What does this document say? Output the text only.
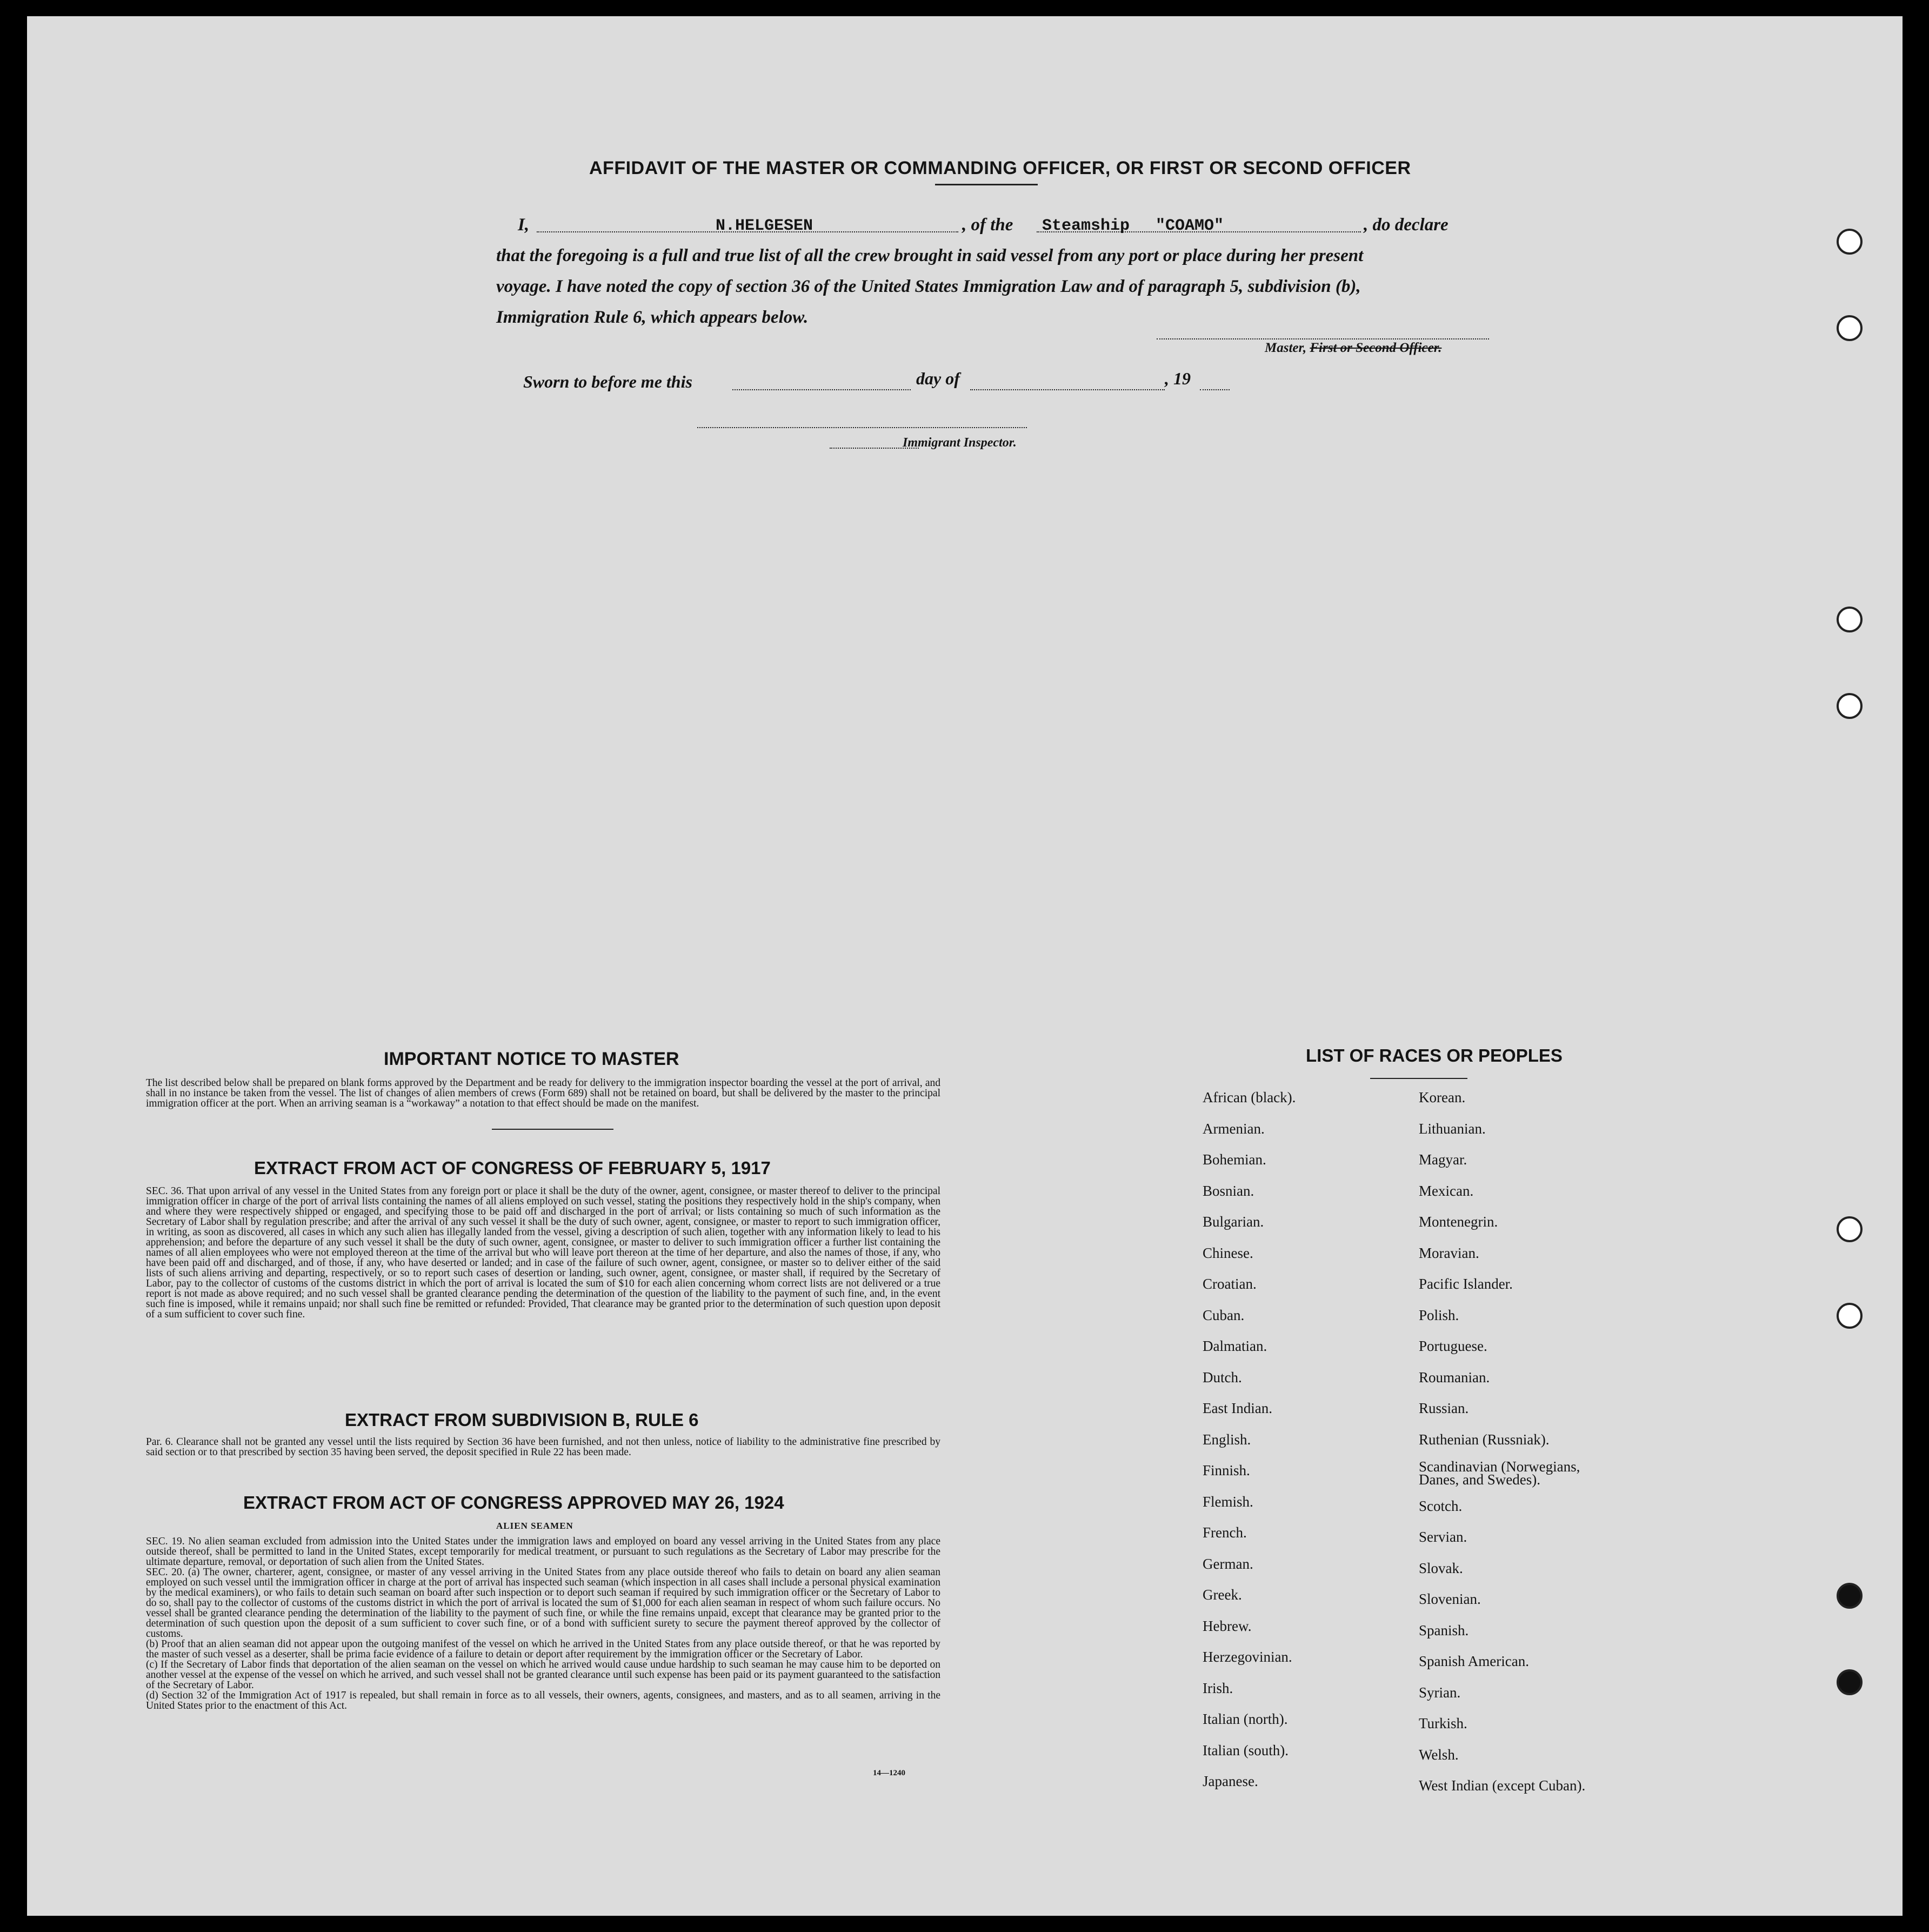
AFFIDAVIT OF THE MASTER OR COMMANDING OFFICER, OR FIRST OR SECOND OFFICER
I,	N.HELGESEN	, of the Steamship "COAMO"	, do declare
that the foregoing is a full and true list of all the crew brought in said vessel from any port or place during her present
voyage. I have noted the copy of section 36 of the United States Immigration Law and of paragraph 5, subdivision (b),
Immigration Rule 6, which appears below.
Master, First or Second Officer.
Sworn to before me this	day of	, 19
Immigrant Inspector.
IMPORTANT NOTICE TO MASTER
The list described below shall be prepared on blank forms approved by the Department and be ready for delivery to the immigration inspector boarding the vessel at the port of arrival, and shall in no instance be taken from the vessel. The list of changes of alien members of crews (Form 689) shall not be retained on board, but shall be delivered by the master to the principal immigration officer at the port. When an arriving seaman is a “workaway” a notation to that effect should be made on the manifest.
EXTRACT FROM ACT OF CONGRESS OF FEBRUARY 5, 1917
SEC. 36. That upon arrival of any vessel in the United States from any foreign port or place it shall be the duty of the owner, agent, consignee, or master thereof to deliver to the principal immigration officer in charge of the port of arrival lists containing the names of all aliens employed on such vessel, stating the positions they respectively hold in the ship's company, when and where they were respectively shipped or engaged, and specifying those to be paid off and discharged in the port of arrival; or lists containing so much of such information as the Secretary of Labor shall by regulation prescribe; and after the arrival of any such vessel it shall be the duty of such owner, agent, consignee, or master to report to such immigration officer, in writing, as soon as discovered, all cases in which any such alien has illegally landed from the vessel, giving a description of such alien, together with any information likely to lead to his apprehension; and before the departure of any such vessel it shall be the duty of such owner, agent, consignee, or master to deliver to such immigration officer a further list containing the names of all alien employees who were not employed thereon at the time of the arrival but who will leave port thereon at the time of her departure, and also the names of those, if any, who have been paid off and discharged, and of those, if any, who have deserted or landed; and in case of the failure of such owner, agent, consignee, or master so to deliver either of the said lists of such aliens arriving and departing, respectively, or so to report such cases of desertion or landing, such owner, agent, consignee, or master shall, if required by the Secretary of Labor, pay to the collector of customs of the customs district in which the port of arrival is located the sum of $10 for each alien concerning whom correct lists are not delivered or a true report is not made as above required; and no such vessel shall be granted clearance pending the determination of the question of the liability to the payment of such fine, and, in the event such fine is imposed, while it remains unpaid; nor shall such fine be remitted or refunded: Provided, That clearance may be granted prior to the determination of such question upon deposit of a sum sufficient to cover such fine.
EXTRACT FROM SUBDIVISION B, RULE 6
Par. 6. Clearance shall not be granted any vessel until the lists required by Section 36 have been furnished, and not then unless, notice of liability to the administrative fine prescribed by said section or to that prescribed by section 35 having been served, the deposit specified in Rule 22 has been made.
EXTRACT FROM ACT OF CONGRESS APPROVED MAY 26, 1924
ALIEN SEAMEN
SEC. 19. No alien seaman excluded from admission into the United States under the immigration laws and employed on board any vessel arriving in the United States from any place outside thereof, shall be permitted to land in the United States, except temporarily for medical treatment, or pursuant to such regulations as the Secretary of Labor may prescribe for the ultimate departure, removal, or deportation of such alien from the United States.
SEC. 20. (a) The owner, charterer, agent, consignee, or master of any vessel arriving in the United States from any place outside thereof who fails to detain on board any alien seaman employed on such vessel until the immigration officer in charge at the port of arrival has inspected such seaman (which inspection in all cases shall include a personal physical examination by the medical examiners), or who fails to detain such seaman on board after such inspection or to deport such seaman if required by such immigration officer or the Secretary of Labor to do so, shall pay to the collector of customs of the customs district in which the port of arrival is located the sum of $1,000 for each alien seaman in respect of whom such failure occurs. No vessel shall be granted clearance pending the determination of the liability to the payment of such fine, or while the fine remains unpaid, except that clearance may be granted prior to the determination of such question upon the deposit of a sum sufficient to cover such fine, or of a bond with sufficient surety to secure the payment thereof approved by the collector of customs.
(b) Proof that an alien seaman did not appear upon the outgoing manifest of the vessel on which he arrived in the United States from any place outside thereof, or that he was reported by the master of such vessel as a deserter, shall be prima facie evidence of a failure to detain or deport after requirement by the immigration officer or the Secretary of Labor.
(c) If the Secretary of Labor finds that deportation of the alien seaman on the vessel on which he arrived would cause undue hardship to such seaman he may cause him to be deported on another vessel at the expense of the vessel on which he arrived, and such vessel shall not be granted clearance until such expense has been paid or its payment guaranteed to the satisfaction of the Secretary of Labor.
(d) Section 32 of the Immigration Act of 1917 is repealed, but shall remain in force as to all vessels, their owners, agents, consignees, and masters, and as to all seamen, arriving in the United States prior to the enactment of this Act.
14—1240
LIST OF RACES OR PEOPLES
African (black).
Armenian.
Bohemian.
Bosnian.
Bulgarian.
Chinese.
Croatian.
Cuban.
Dalmatian.
Dutch.
East Indian.
English.
Finnish.
Flemish.
French.
German.
Greek.
Hebrew.
Herzegovinian.
Irish.
Italian (north).
Italian (south).
Japanese.
Korean.
Lithuanian.
Magyar.
Mexican.
Montenegrin.
Moravian.
Pacific Islander.
Polish.
Portuguese.
Roumanian.
Russian.
Ruthenian (Russniak).
Scandinavian (Norwegians, Danes, and Swedes).
Scotch.
Servian.
Slovak.
Slovenian.
Spanish.
Spanish American.
Syrian.
Turkish.
Welsh.
West Indian (except Cuban).
